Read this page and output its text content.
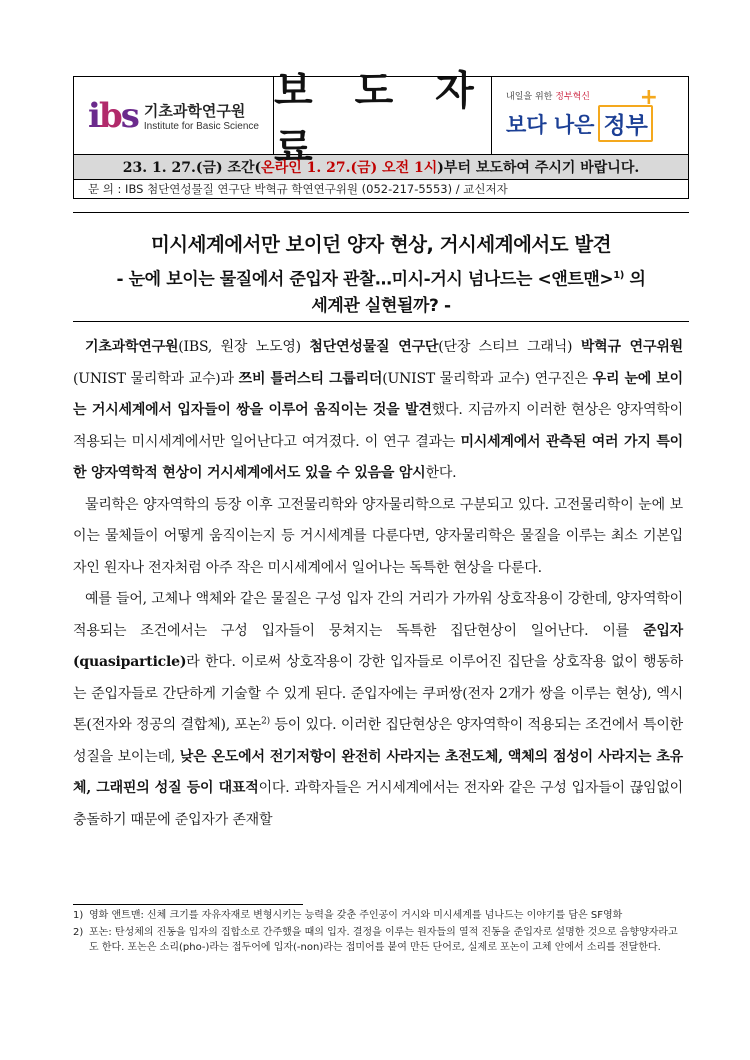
ibs 기초과학연구원
Institute for Basic Science
보 도 자 료
+
내일을 위한 정부혁신
보다 나은 정부
23. 1. 27.(금) 조간( 온라인 1. 27.(금) 오전 1시 )부터 보도하여 주시기 바랍니다.
문 의 : IBS 첨단연성물질 연구단 박혁규 학연연구위원 (052-217-5553) / 교신저자
미시세계에서만 보이던 양자 현상, 거시세계에서도 발견
- 눈에 보이는 물질에서 준입자 관찰…미시-거시 넘나드는 <앤트맨>$^{1)}$ 의
세계관 실현될까? -

기초과학연구원(IBS, 원장 노도영) 첨단연성물질 연구단(단장 스티브 그래닉) 박혁규 연구위원(UNIST 물리학과 교수)과 쯔비 틀러스티 그룹리더(UNIST 물리학과 교수) 연구진은 우리 눈에 보이는 거시세계에서 입자들이 쌍을 이루어 움직이는 것을 발견했다. 지금까지 이러한 현상은 양자역학이 적용되는 미시세계에서만 일어난다고 여겨졌다. 이 연구 결과는 미시세계에서 관측된 여러 가지 특이한 양자역학적 현상이 거시세계에서도 있을 수 있음을 암시한다.

물리학은 양자역학의 등장 이후 고전물리학와 양자물리학으로 구분되고 있다. 고전물리학이 눈에 보이는 물체들이 어떻게 움직이는지 등 거시세계를 다룬다면, 양자물리학은 물질을 이루는 최소 기본입자인 원자나 전자처럼 아주 작은 미시세계에서 일어나는 독특한 현상을 다룬다.

예를 들어, 고체나 액체와 같은 물질은 구성 입자 간의 거리가 가까워 상호작용이 강한데, 양자역학이 적용되는 조건에서는 구성 입자들이 뭉쳐지는 독특한 집단현상이 일어난다. 이를 준입자(quasiparticle)라 한다. 이로써 상호작용이 강한 입자들로 이루어진 집단을 상호작용 없이 행동하는 준입자들로 간단하게 기술할 수 있게 된다. 준입자에는 쿠퍼쌍(전자 2개가 쌍을 이루는 현상), 엑시톤(전자와 정공의 결합체), 포논$^{2)}$ 등이 있다. 이러한 집단현상은 양자역학이 적용되는 조건에서 특이한 성질을 보이는데, 낮은 온도에서 전기저항이 완전히 사라지는 초전도체, 액체의 점성이 사라지는 초유체, 그래핀의 성질 등이 대표적이다. 과학자들은 거시세계에서는 전자와 같은 구성 입자들이 끊임없이 충돌하기 때문에 준입자가 존재할

1) 영화 앤트맨: 신체 크기를 자유자재로 변형시키는 능력을 갖춘 주인공이 거시와 미시세계를 넘나드는 이야기를 담은 SF영화
2) 포논: 탄성체의 진동을 입자의 집합소로 간주했을 때의 입자. 결정을 이루는 원자들의 열적 진동을 준입자로 설명한 것으로 음향양자라고도 한다. 포논은 소리(pho-)라는 접두어에 입자(-non)라는 접미어를 붙여 만든 단어로, 실제로 포논이 고체 안에서 소리를 전달한다.
